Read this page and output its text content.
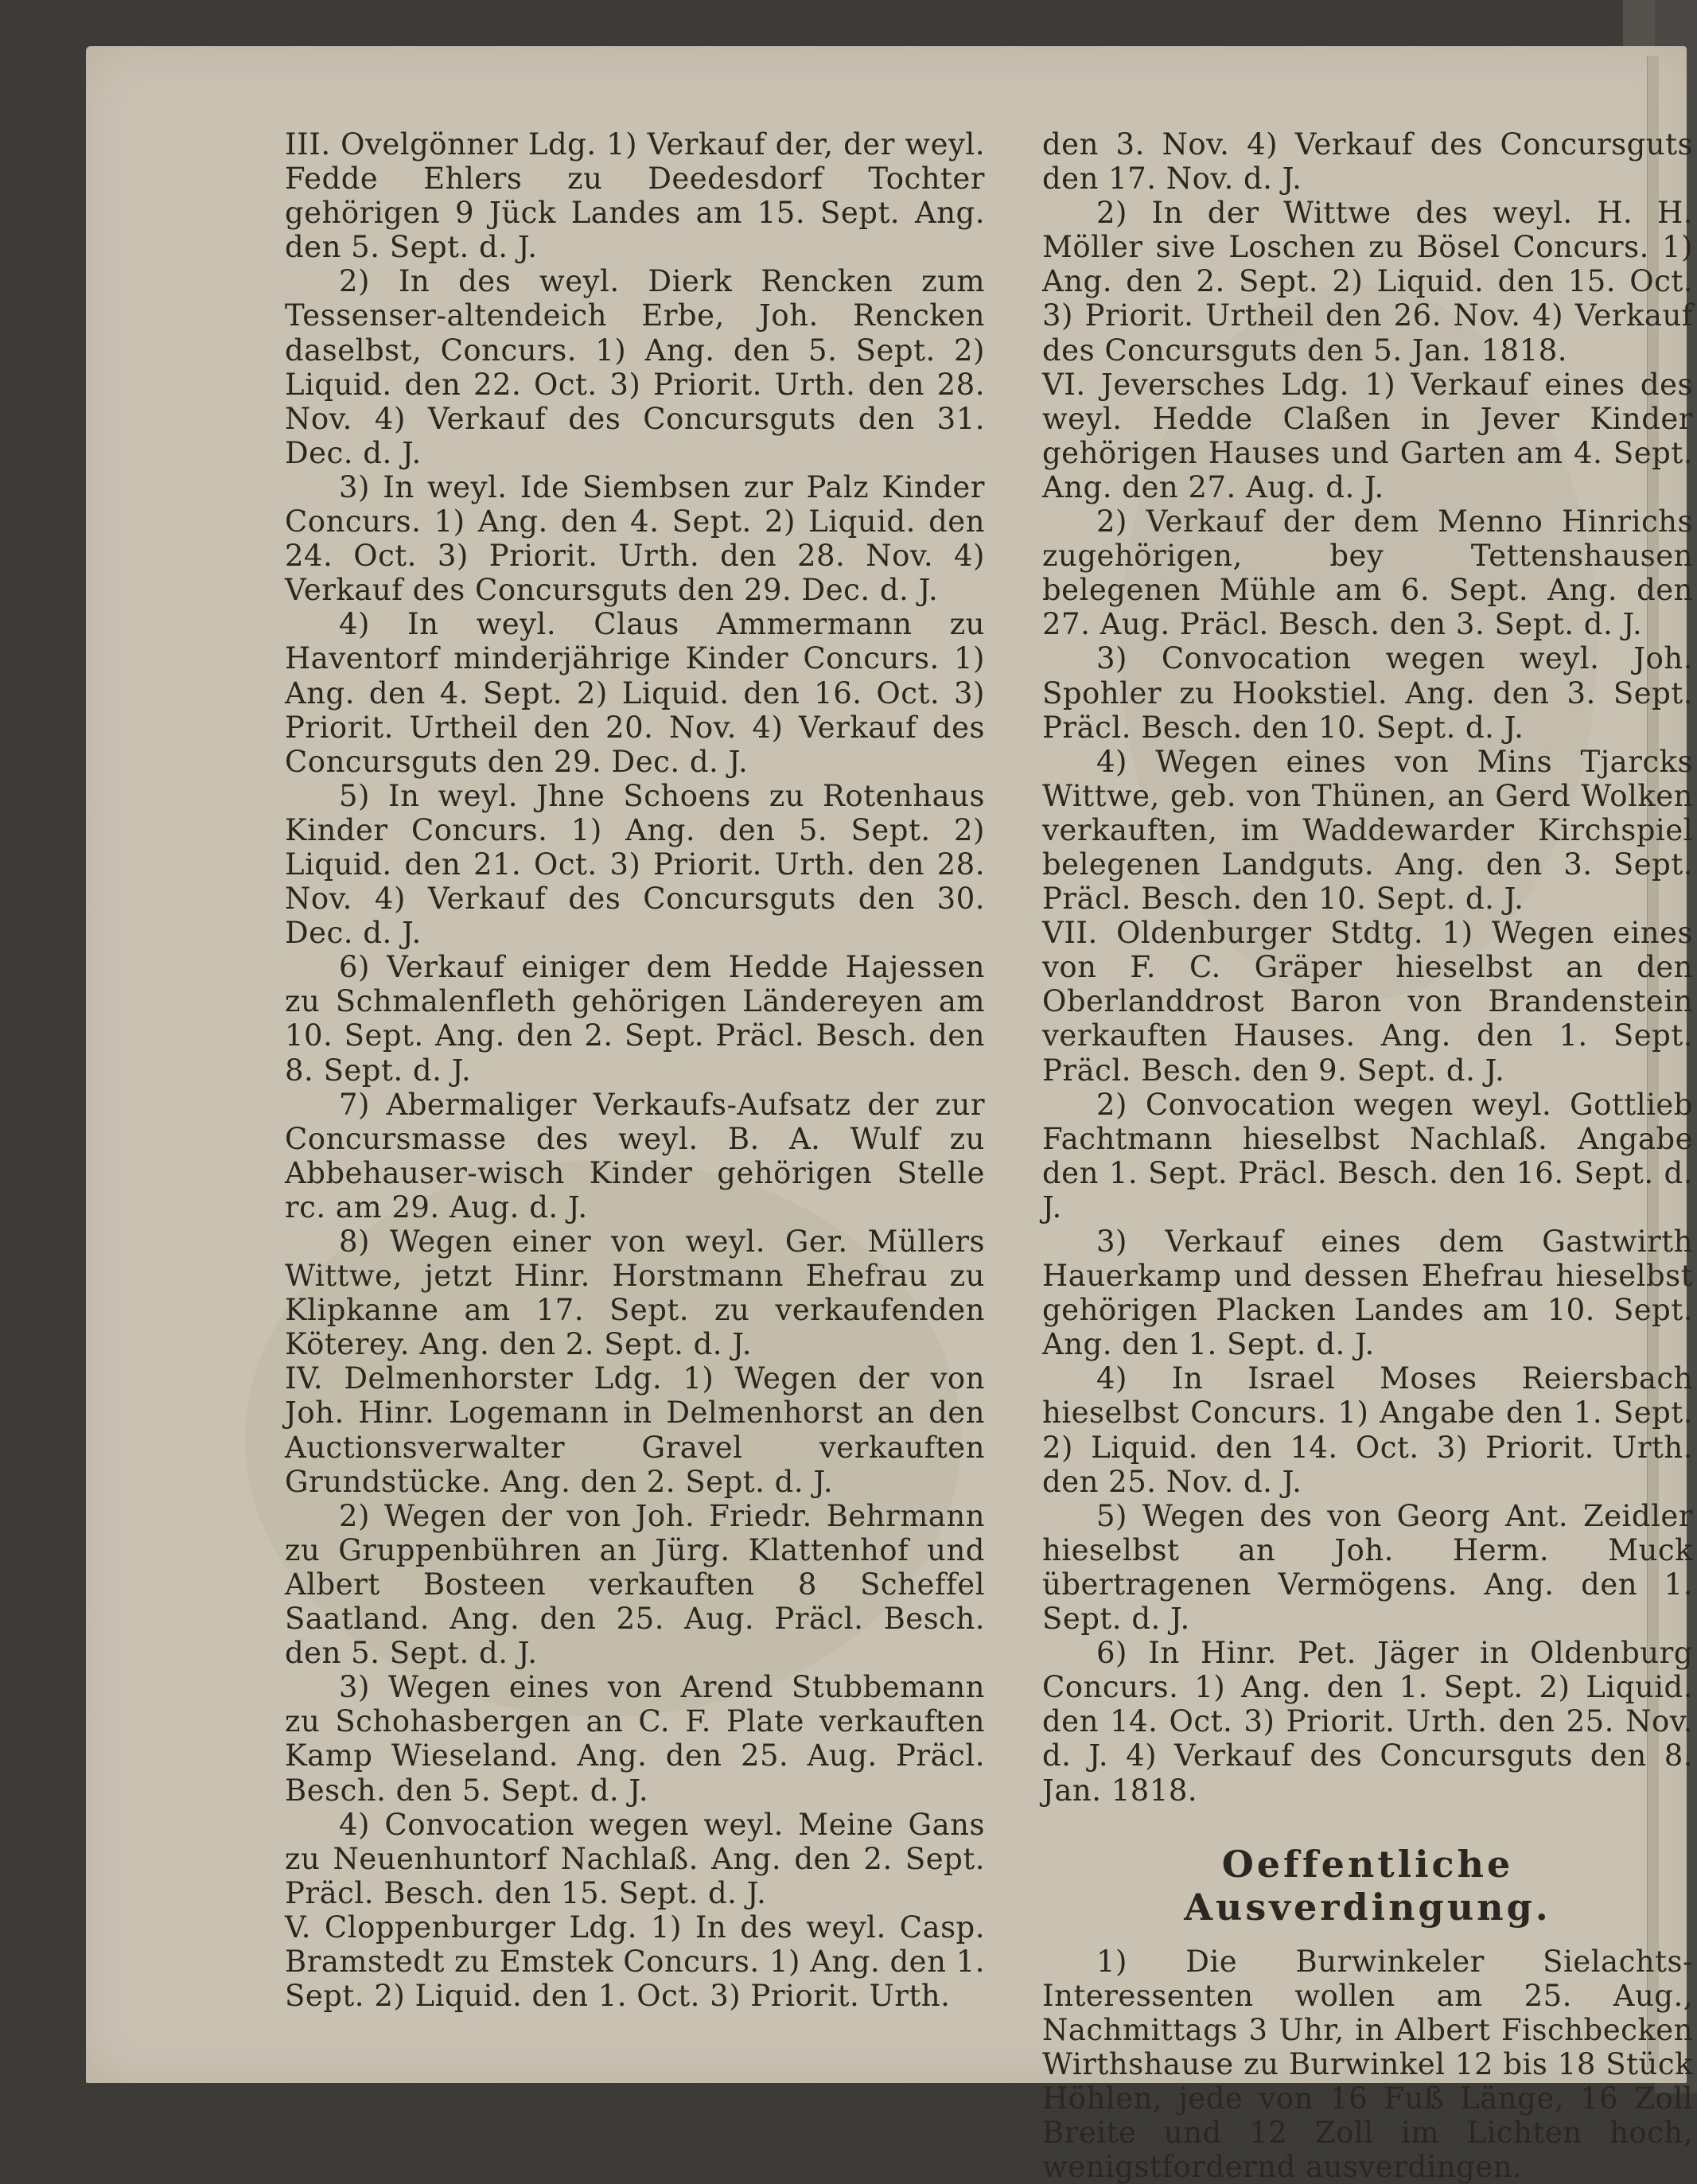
III. Ovelgönner Ldg. 1) Verkauf der, der weyl. Fedde Ehlers zu Deedesdorf Tochter gehörigen 9 Jück Landes am 15. Sept. Ang. den 5. Sept. d. J.

2) In des weyl. Dierk Rencken zum Tessenser-altendeich Erbe, Joh. Rencken daselbst, Concurs. 1) Ang. den 5. Sept. 2) Liquid. den 22. Oct. 3) Priorit. Urth. den 28. Nov. 4) Verkauf des Concursguts den 31. Dec. d. J.

3) In weyl. Ide Siembsen zur Palz Kinder Concurs. 1) Ang. den 4. Sept. 2) Liquid. den 24. Oct. 3) Priorit. Urth. den 28. Nov. 4) Verkauf des Concursguts den 29. Dec. d. J.

4) In weyl. Claus Ammermann zu Haventorf minderjährige Kinder Concurs. 1) Ang. den 4. Sept. 2) Liquid. den 16. Oct. 3) Priorit. Urtheil den 20. Nov. 4) Verkauf des Concursguts den 29. Dec. d. J.

5) In weyl. Jhne Schoens zu Rotenhaus Kinder Concurs. 1) Ang. den 5. Sept. 2) Liquid. den 21. Oct. 3) Priorit. Urth. den 28. Nov. 4) Verkauf des Concursguts den 30. Dec. d. J.

6) Verkauf einiger dem Hedde Hajessen zu Schmalenfleth gehörigen Ländereyen am 10. Sept. Ang. den 2. Sept. Präcl. Besch. den 8. Sept. d. J.

7) Abermaliger Verkaufs-Aufsatz der zur Concursmasse des weyl. B. A. Wulf zu Abbehauser-wisch Kinder gehörigen Stelle rc. am 29. Aug. d. J.

8) Wegen einer von weyl. Ger. Müllers Wittwe, jetzt Hinr. Horstmann Ehefrau zu Klipkanne am 17. Sept. zu verkaufenden Köterey. Ang. den 2. Sept. d. J.

IV. Delmenhorster Ldg. 1) Wegen der von Joh. Hinr. Logemann in Delmenhorst an den Auctionsverwalter Gravel verkauften Grundstücke. Ang. den 2. Sept. d. J.

2) Wegen der von Joh. Friedr. Behrmann zu Gruppenbühren an Jürg. Klattenhof und Albert Bosteen verkauften 8 Scheffel Saatland. Ang. den 25. Aug. Präcl. Besch. den 5. Sept. d. J.

3) Wegen eines von Arend Stubbemann zu Schohasbergen an C. F. Plate verkauften Kamp Wieseland. Ang. den 25. Aug. Präcl. Besch. den 5. Sept. d. J.

4) Convocation wegen weyl. Meine Gans zu Neuenhuntorf Nachlaß. Ang. den 2. Sept. Präcl. Besch. den 15. Sept. d. J.

V. Cloppenburger Ldg. 1) In des weyl. Casp. Bramstedt zu Emstek Concurs. 1) Ang. den 1. Sept. 2) Liquid. den 1. Oct. 3) Priorit. Urth.

den 3. Nov. 4) Verkauf des Concursguts den 17. Nov. d. J.

2) In der Wittwe des weyl. H. H. Möller sive Loschen zu Bösel Concurs. 1) Ang. den 2. Sept. 2) Liquid. den 15. Oct. 3) Priorit. Urtheil den 26. Nov. 4) Verkauf des Concursguts den 5. Jan. 1818.

VI. Jeversches Ldg. 1) Verkauf eines des weyl. Hedde Claßen in Jever Kinder gehörigen Hauses und Garten am 4. Sept. Ang. den 27. Aug. d. J.

2) Verkauf der dem Menno Hinrichs zugehörigen, bey Tettenshausen belegenen Mühle am 6. Sept. Ang. den 27. Aug. Präcl. Besch. den 3. Sept. d. J.

3) Convocation wegen weyl. Joh. Spohler zu Hookstiel. Ang. den 3. Sept. Präcl. Besch. den 10. Sept. d. J.

4) Wegen eines von Mins Tjarcks Wittwe, geb. von Thünen, an Gerd Wolken verkauften, im Waddewarder Kirchspiel belegenen Landguts. Ang. den 3. Sept. Präcl. Besch. den 10. Sept. d. J.

VII. Oldenburger Stdtg. 1) Wegen eines von F. C. Gräper hieselbst an den Oberlanddrost Baron von Brandenstein verkauften Hauses. Ang. den 1. Sept. Präcl. Besch. den 9. Sept. d. J.

2) Convocation wegen weyl. Gottlieb Fachtmann hieselbst Nachlaß. Angabe den 1. Sept. Präcl. Besch. den 16. Sept. d. J.

3) Verkauf eines dem Gastwirth Hauerkamp und dessen Ehefrau hieselbst gehörigen Placken Landes am 10. Sept. Ang. den 1. Sept. d. J.

4) In Israel Moses Reiersbach hieselbst Concurs. 1) Angabe den 1. Sept. 2) Liquid. den 14. Oct. 3) Priorit. Urth. den 25. Nov. d. J.

5) Wegen des von Georg Ant. Zeidler hieselbst an Joh. Herm. Muck übertragenen Vermögens. Ang. den 1. Sept. d. J.

6) In Hinr. Pet. Jäger in Oldenburg Concurs. 1) Ang. den 1. Sept. 2) Liquid. den 14. Oct. 3) Priorit. Urth. den 25. Nov. d. J. 4) Verkauf des Concursguts den 8. Jan. 1818.

Oeffentliche Ausverdingung.

1) Die Burwinkeler Sielachts-Interessenten wollen am 25. Aug., Nachmittags 3 Uhr, in Albert Fischbecken Wirthshause zu Burwinkel 12 bis 18 Stück Höhlen, jede von 16 Fuß Länge, 16 Zoll Breite und 12 Zoll im Lichten hoch, wenigstfordernd ausverdingen.
